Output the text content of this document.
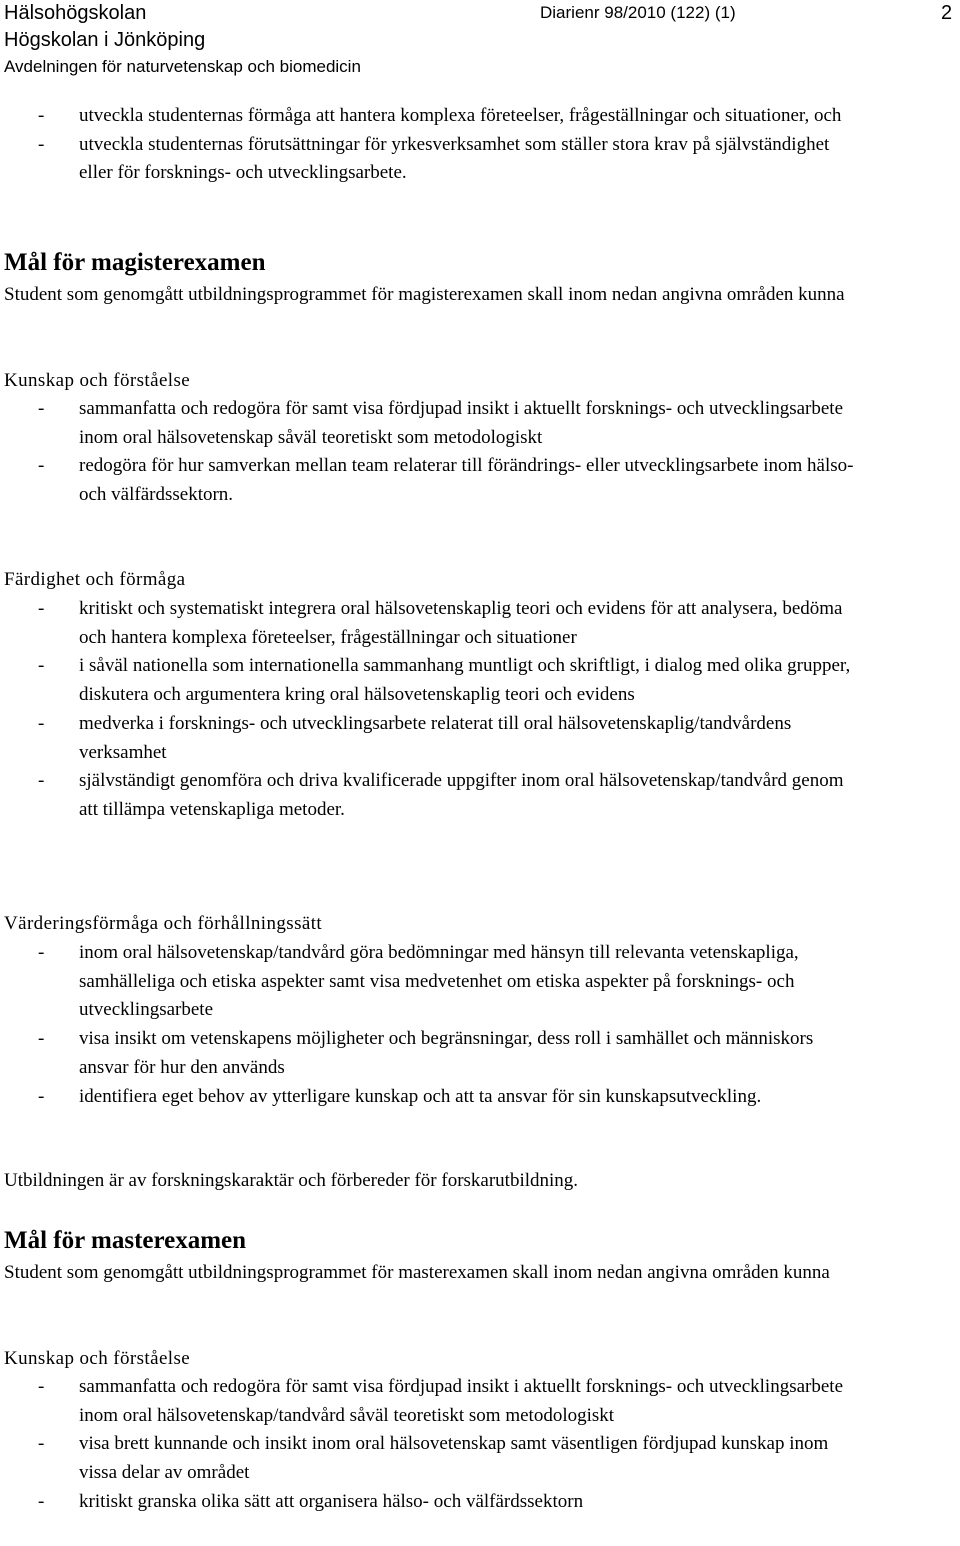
Hälsohögskolan
Högskolan i Jönköping
Avdelningen för naturvetenskap och biomedicin
Diarienr 98/2010 (122) (1)	2
- utveckla studenternas förmåga att hantera komplexa företeelser, frågeställningar och situationer, och
- utveckla studenternas förutsättningar för yrkesverksamhet som ställer stora krav på självständighet eller för forsknings- och utvecklingsarbete.
Mål för magisterexamen
Student som genomgått utbildningsprogrammet för magisterexamen skall inom nedan angivna områden kunna
Kunskap och förståelse
- sammanfatta och redogöra för samt visa fördjupad insikt i aktuellt forsknings- och utvecklingsarbete inom oral hälsovetenskap såväl teoretiskt som metodologiskt
- redogöra för hur samverkan mellan team relaterar till förändrings- eller utvecklingsarbete inom hälso- och välfärdssektorn.
Färdighet och förmåga
- kritiskt och systematiskt integrera oral hälsovetenskaplig teori och evidens för att analysera, bedöma och hantera komplexa företeelser, frågeställningar och situationer
- i såväl nationella som internationella sammanhang muntligt och skriftligt, i dialog med olika grupper, diskutera och argumentera kring oral hälsovetenskaplig teori och evidens
- medverka i forsknings- och utvecklingsarbete relaterat till oral hälsovetenskaplig/tandvårdens verksamhet
- självständigt genomföra och driva kvalificerade uppgifter inom oral hälsovetenskap/tandvård genom att tillämpa vetenskapliga metoder.
Värderingsförmåga och förhållningssätt
- inom oral hälsovetenskap/tandvård göra bedömningar med hänsyn till relevanta vetenskapliga, samhälleliga och etiska aspekter samt visa medvetenhet om etiska aspekter på forsknings- och utvecklingsarbete
- visa insikt om vetenskapens möjligheter och begränsningar, dess roll i samhället och människors ansvar för hur den används
- identifiera eget behov av ytterligare kunskap och att ta ansvar för sin kunskapsutveckling.
Utbildningen är av forskningskaraktär och förbereder för forskarutbildning.
Mål för masterexamen
Student som genomgått utbildningsprogrammet för masterexamen skall inom nedan angivna områden kunna
Kunskap och förståelse
- sammanfatta och redogöra för samt visa fördjupad insikt i aktuellt forsknings- och utvecklingsarbete inom oral hälsovetenskap/tandvård såväl teoretiskt som metodologiskt
- visa brett kunnande och insikt inom oral hälsovetenskap samt väsentligen fördjupad kunskap inom vissa delar av området
- kritiskt granska olika sätt att organisera hälso- och välfärdssektorn
